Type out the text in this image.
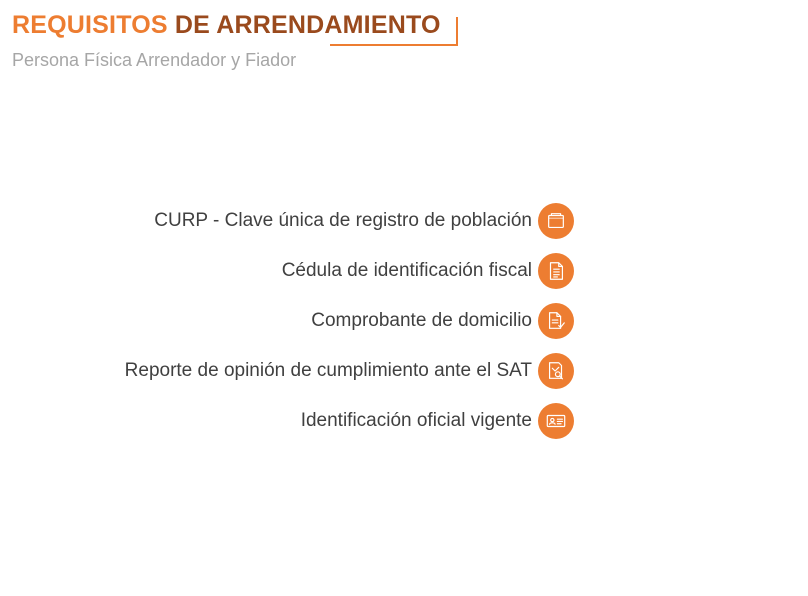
REQUISITOS DE ARRENDAMIENTO

Persona Física Arrendador y Fiador

CURP - Clave única de registro de población
Cédula de identificación fiscal
Comprobante de domicilio
Reporte de opinión de cumplimiento ante el SAT
Identificación oficial vigente
